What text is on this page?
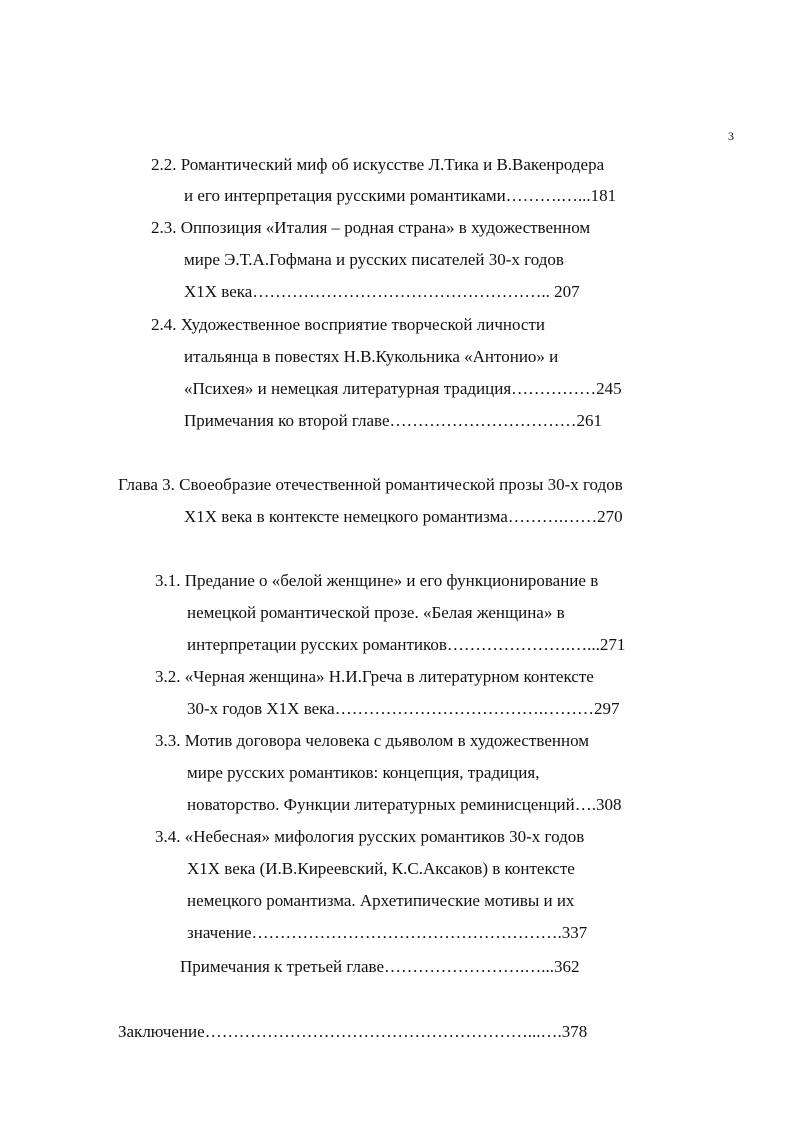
3
2.2. Романтический миф об искусстве Л.Тика и В.Вакенродера
и его интерпретация русскими романтиками……….…...181
2.3. Оппозиция «Италия – родная страна» в художественном
мире Э.Т.А.Гофмана и русских писателей 30-х годов
Х1Х века…………………………………………….. 207
2.4. Художественное восприятие творческой личности
итальянца в повестях Н.В.Кукольника «Антонио» и
«Психея» и немецкая литературная традиция……………245
Примечания ко второй главе……………………………261
Глава 3. Своеобразие отечественной романтической прозы 30-х годов
Х1Х века в контексте немецкого романтизма……….……270
3.1. Предание о «белой женщине» и его функционирование в
немецкой романтической прозе. «Белая женщина» в
интерпретации русских романтиков………………….…...271
3.2. «Черная женщина» Н.И.Греча в литературном контексте
30-х годов Х1Х века……………………………….………297
3.3. Мотив договора человека с дьяволом в художественном
мире русских романтиков: концепция, традиция,
новаторство. Функции литературных реминисценций….308
3.4. «Небесная» мифология русских романтиков 30-х годов
Х1Х века (И.В.Киреевский, К.С.Аксаков) в контексте
немецкого романтизма. Архетипические мотивы и их
значение……………………………………………….337
Примечания к третьей главе…………………….…...362
Заключение…………………………………………………...….378
